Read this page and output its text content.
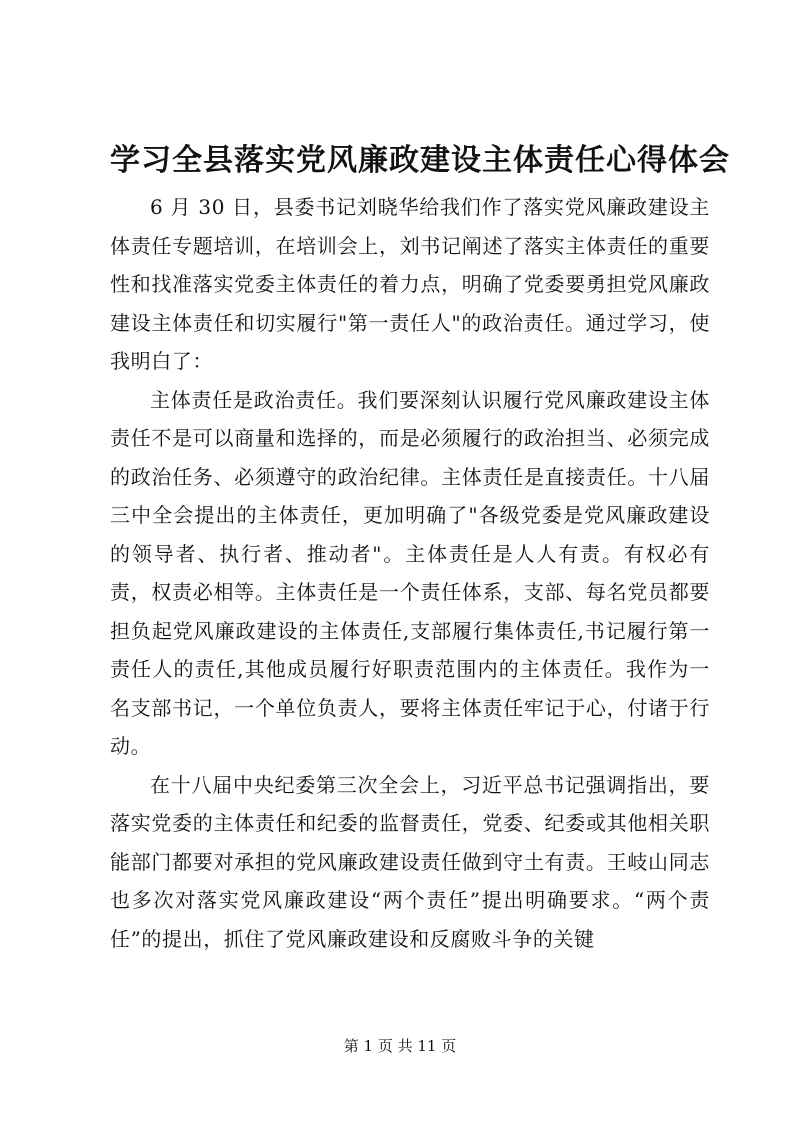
学习全县落实党风廉政建设主体责任心得体会

6 月 30 日，县委书记刘晓华给我们作了落实党风廉政建设主体责任专题培训，在培训会上，刘书记阐述了落实主体责任的重要性和找准落实党委主体责任的着力点，明确了党委要勇担党风廉政建设主体责任和切实履行"第一责任人"的政治责任。通过学习，使我明白了：

主体责任是政治责任。我们要深刻认识履行党风廉政建设主体责任不是可以商量和选择的，而是必须履行的政治担当、必须完成的政治任务、必须遵守的政治纪律。主体责任是直接责任。十八届三中全会提出的主体责任，更加明确了"各级党委是党风廉政建设的领导者、执行者、推动者"。主体责任是人人有责。有权必有责，权责必相等。主体责任是一个责任体系，支部、每名党员都要担负起党风廉政建设的主体责任,支部履行集体责任,书记履行第一责任人的责任,其他成员履行好职责范围内的主体责任。我作为一名支部书记，一个单位负责人，要将主体责任牢记于心，付诸于行动。

在十八届中央纪委第三次全会上，习近平总书记强调指出，要落实党委的主体责任和纪委的监督责任，党委、纪委或其他相关职能部门都要对承担的党风廉政建设责任做到守土有责。王岐山同志也多次对落实党风廉政建设“两个责任”提出明确要求。“两个责任”的提出，抓住了党风廉政建设和反腐败斗争的关键

第 1 页 共 11 页
